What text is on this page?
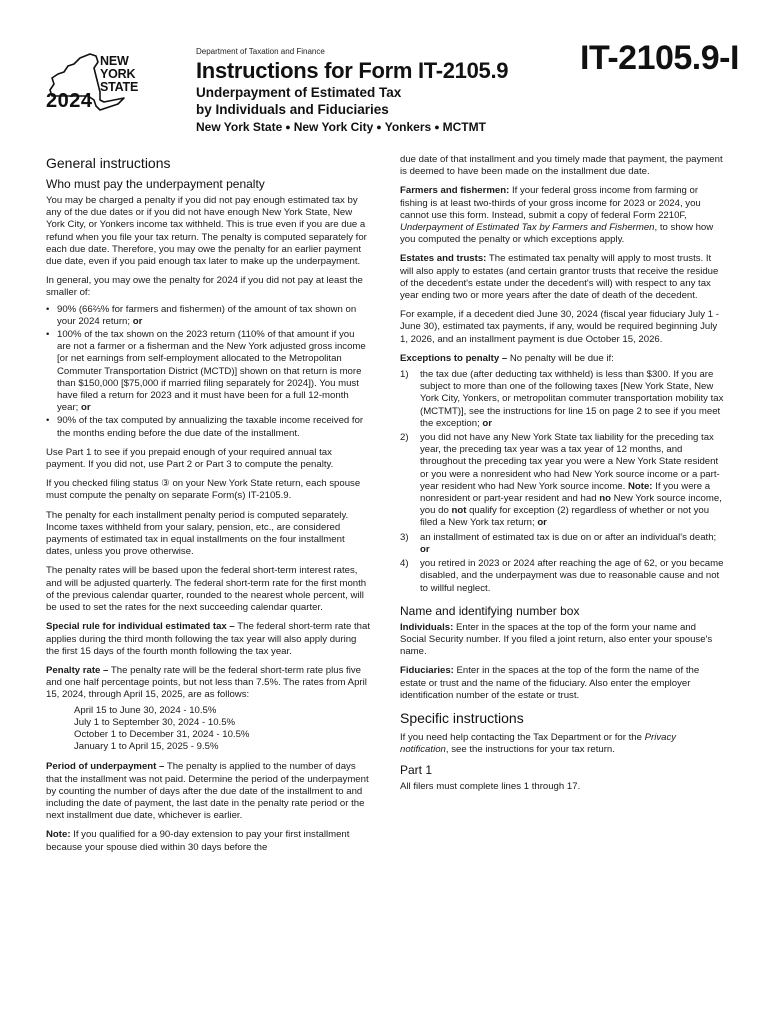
NEW
YORK
STATE
2024
Department of Taxation and Finance
Instructions for Form IT-2105.9 IT-2105.9-I
Underpayment of Estimated Tax
by Individuals and Fiduciaries
New York State ● New York City ● Yonkers ● MCTMT
General instructions
Who must pay the underpayment penalty

You may be charged a penalty if you did not pay enough estimated tax by any of the due dates or if you did not have enough New York State, New York City, or Yonkers income tax withheld. This is true even if you are due a refund when you file your tax return. The penalty is computed separately for each due date. Therefore, you may owe the penalty for an earlier payment due date, even if you paid enough tax later to make up the underpayment.

In general, you may owe the penalty for 2024 if you did not pay at least the smaller of:

• 90% (66⅔% for farmers and fishermen) of the amount of tax shown on your 2024 return; or
• 100% of the tax shown on the 2023 return (110% of that amount if you are not a farmer or a fisherman and the New York adjusted gross income [or net earnings from self-employment allocated to the Metropolitan Commuter Transportation District (MCTD)] shown on that return is more than $150,000 [$75,000 if married filing separately for 2024]). You must have filed a return for 2023 and it must have been for a full 12-month year; or
• 90% of the tax computed by annualizing the taxable income received for the months ending before the due date of the installment.

Use Part 1 to see if you prepaid enough of your required annual tax payment. If you did not, use Part 2 or Part 3 to compute the penalty.

If you checked filing status ③ on your New York State return, each spouse must compute the penalty on separate Form(s) IT-2105.9.

The penalty for each installment penalty period is computed separately. Income taxes withheld from your salary, pension, etc., are considered payments of estimated tax in equal installments on the four installment dates, unless you prove otherwise.

The penalty rates will be based upon the federal short-term interest rates, and will be adjusted quarterly. The federal short-term rate for the first month of the previous calendar quarter, rounded to the nearest whole percent, will be used to set the rates for the next succeeding calendar quarter.

Special rule for individual estimated tax – The federal short-term rate that applies during the third month following the tax year will also apply during the first 15 days of the fourth month following the tax year.

Penalty rate – The penalty rate will be the federal short-term rate plus five and one half percentage points, but not less than 7.5%. The rates from April 15, 2024, through April 15, 2025, are as follows:

April 15 to June 30, 2024 - 10.5%
July 1 to September 30, 2024 - 10.5%
October 1 to December 31, 2024 - 10.5%
January 1 to April 15, 2025 - 9.5%

Period of underpayment – The penalty is applied to the number of days that the installment was not paid. Determine the period of the underpayment by counting the number of days after the due date of the installment to and including the date of payment, the last date in the penalty rate period or the next installment due date, whichever is earlier.

Note: If you qualified for a 90-day extension to pay your first installment because your spouse died within 30 days before the

due date of that installment and you timely made that payment, the payment is deemed to have been made on the installment due date.

Farmers and fishermen: If your federal gross income from farming or fishing is at least two-thirds of your gross income for 2023 or 2024, you cannot use this form. Instead, submit a copy of federal Form 2210F, Underpayment of Estimated Tax by Farmers and Fishermen, to show how you computed the penalty or which exceptions apply.

Estates and trusts: The estimated tax penalty will apply to most trusts. It will also apply to estates (and certain grantor trusts that receive the residue of the decedent's estate under the decedent's will) with respect to any tax year ending two or more years after the date of death of the decedent.

For example, if a decedent died June 30, 2024 (fiscal year fiduciary July 1 - June 30), estimated tax payments, if any, would be required beginning July 1, 2026, and an installment payment is due October 15, 2026.

Exceptions to penalty – No penalty will be due if:

1) the tax due (after deducting tax withheld) is less than $300. If you are subject to more than one of the following taxes [New York State, New York City, Yonkers, or metropolitan commuter transportation mobility tax (MCTMT)], see the instructions for line 15 on page 2 to see if you meet the exception; or
2) you did not have any New York State tax liability for the preceding tax year, the preceding tax year was a tax year of 12 months, and throughout the preceding tax year you were a New York State resident or you were a nonresident who had New York source income or a part-year resident who had New York source income. Note: If you were a nonresident or part-year resident and had no New York source income, you do not qualify for exception (2) regardless of whether or not you filed a New York tax return; or
3) an installment of estimated tax is due on or after an individual's death; or
4) you retired in 2023 or 2024 after reaching the age of 62, or you became disabled, and the underpayment was due to reasonable cause and not to willful neglect.
Name and identifying number box

Individuals: Enter in the spaces at the top of the form your name and Social Security number. If you filed a joint return, also enter your spouse's name.

Fiduciaries: Enter in the spaces at the top of the form the name of the estate or trust and the name of the fiduciary. Also enter the employer identification number of the estate or trust.

Specific instructions

If you need help contacting the Tax Department or for the Privacy notification, see the instructions for your tax return.

Part 1

All filers must complete lines 1 through 17.
